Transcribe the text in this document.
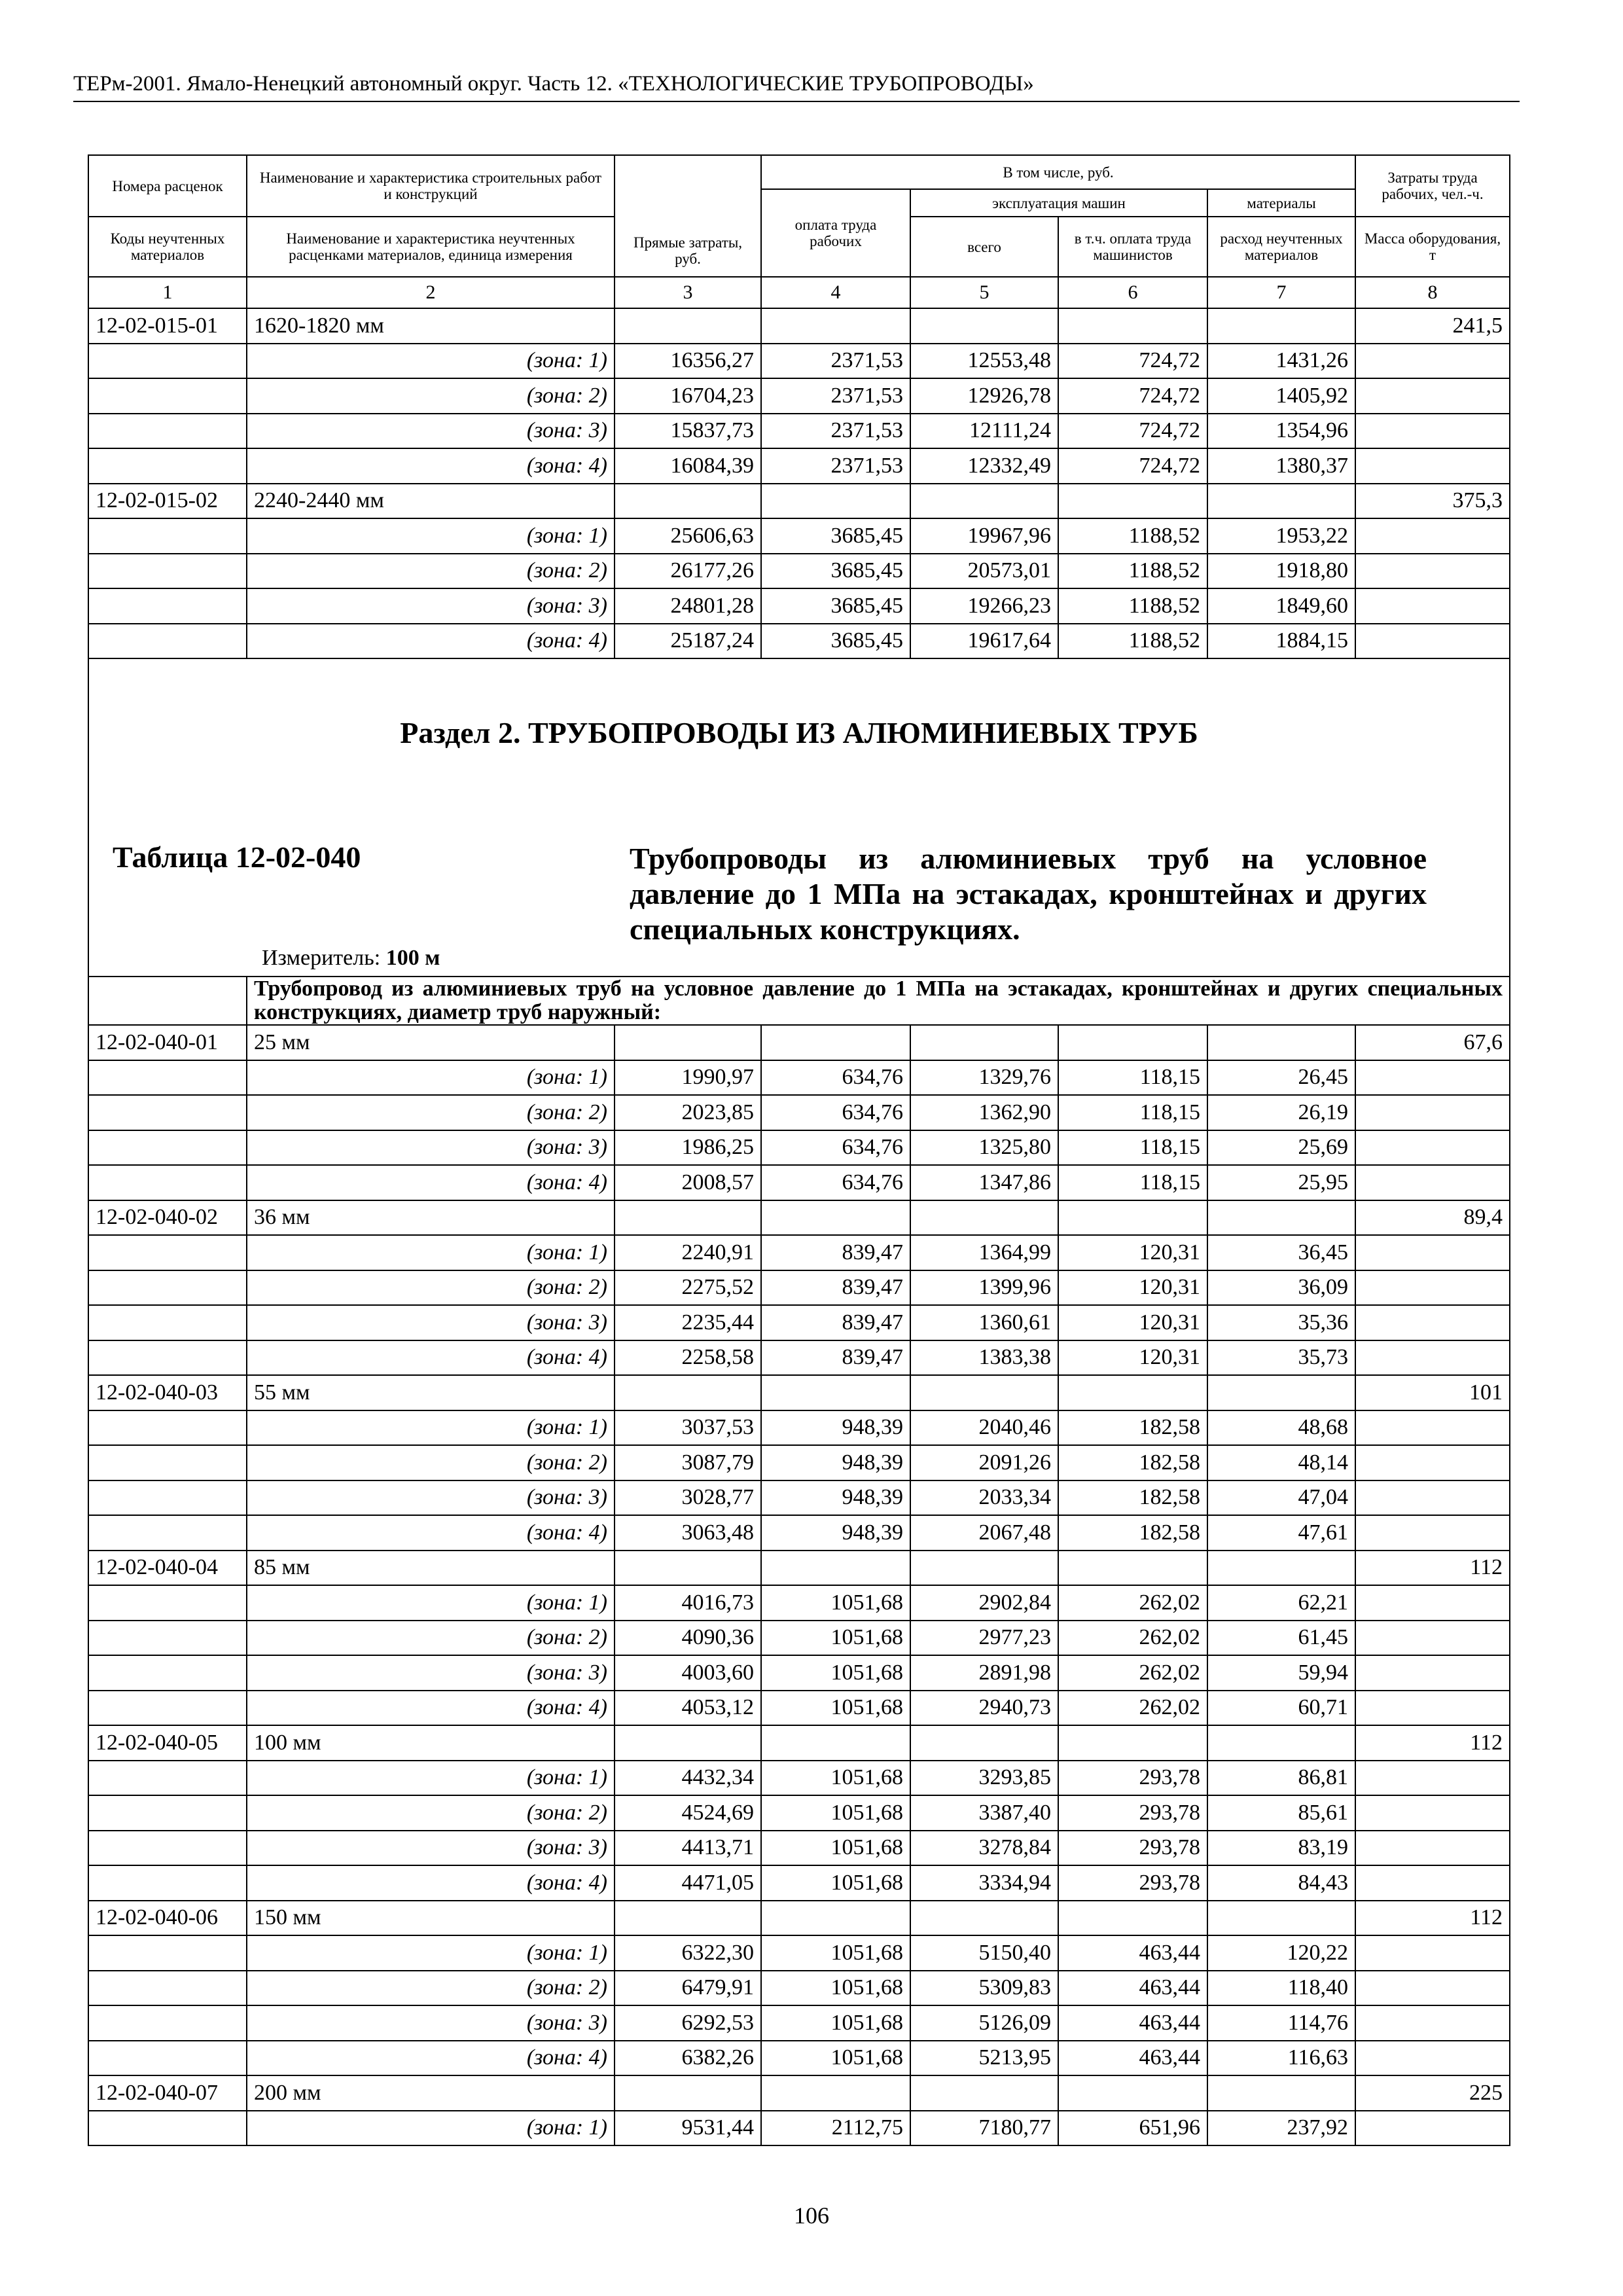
ТЕРм-2001. Ямало-Ненецкий автономный округ. Часть 12. «ТЕХНОЛОГИЧЕСКИЕ ТРУБОПРОВОДЫ»
Номера расценок	Наименование и характеристика строительных работ и конструкций	Прямые затраты, руб.	В том числе, руб.				Затраты труда рабочих, чел.-ч.
			оплата труда рабочих	эксплуатация машин		материалы	
Коды неучтенных материалов	Наименование и характеристика неучтенных расценками материалов, единица измерения			всего	в т.ч. оплата труда машинистов	расход неучтенных материалов	
							Масса оборудования, т
1	2	3	4	5	6	7	8
12-02-015-01	1620-1820 мм						241,5
	(зона: 1)	16356,27	2371,53	12553,48	724,72	1431,26	
	(зона: 2)	16704,23	2371,53	12926,78	724,72	1405,92	
	(зона: 3)	15837,73	2371,53	12111,24	724,72	1354,96	
	(зона: 4)	16084,39	2371,53	12332,49	724,72	1380,37	
12-02-015-02	2240-2440 мм						375,3
	(зона: 1)	25606,63	3685,45	19967,96	1188,52	1953,22	
	(зона: 2)	26177,26	3685,45	20573,01	1188,52	1918,80	
	(зона: 3)	24801,28	3685,45	19266,23	1188,52	1849,60	
	(зона: 4)	25187,24	3685,45	19617,64	1188,52	1884,15	

Раздел 2. ТРУБОПРОВОДЫ ИЗ АЛЮМИНИЕВЫХ ТРУБ
Таблица 12-02-040 Трубопроводы из алюминиевых труб на условное давление до 1 МПа на эстакадах, кронштейнах и других специальных конструкциях.
Измеритель: 100 м							

	Трубопровод из алюминиевых труб на условное давление до 1 МПа на эстакадах, кронштейнах и других специальных конструкциях, диаметр труб наружный:						
12-02-040-01	25 мм						67,6
	(зона: 1)	1990,97	634,76	1329,76	118,15	26,45	
	(зона: 2)	2023,85	634,76	1362,90	118,15	26,19	
	(зона: 3)	1986,25	634,76	1325,80	118,15	25,69	
	(зона: 4)	2008,57	634,76	1347,86	118,15	25,95	
12-02-040-02	36 мм						89,4
	(зона: 1)	2240,91	839,47	1364,99	120,31	36,45	
	(зона: 2)	2275,52	839,47	1399,96	120,31	36,09	
	(зона: 3)	2235,44	839,47	1360,61	120,31	35,36	
	(зона: 4)	2258,58	839,47	1383,38	120,31	35,73	
12-02-040-03	55 мм						101
	(зона: 1)	3037,53	948,39	2040,46	182,58	48,68	
	(зона: 2)	3087,79	948,39	2091,26	182,58	48,14	
	(зона: 3)	3028,77	948,39	2033,34	182,58	47,04	
	(зона: 4)	3063,48	948,39	2067,48	182,58	47,61	
12-02-040-04	85 мм						112
	(зона: 1)	4016,73	1051,68	2902,84	262,02	62,21	
	(зона: 2)	4090,36	1051,68	2977,23	262,02	61,45	
	(зона: 3)	4003,60	1051,68	2891,98	262,02	59,94	
	(зона: 4)	4053,12	1051,68	2940,73	262,02	60,71	
12-02-040-05	100 мм						112
	(зона: 1)	4432,34	1051,68	3293,85	293,78	86,81	
	(зона: 2)	4524,69	1051,68	3387,40	293,78	85,61	
	(зона: 3)	4413,71	1051,68	3278,84	293,78	83,19	
	(зона: 4)	4471,05	1051,68	3334,94	293,78	84,43	
12-02-040-06	150 мм						112
	(зона: 1)	6322,30	1051,68	5150,40	463,44	120,22	
	(зона: 2)	6479,91	1051,68	5309,83	463,44	118,40	
	(зона: 3)	6292,53	1051,68	5126,09	463,44	114,76	
	(зона: 4)	6382,26	1051,68	5213,95	463,44	116,63	
12-02-040-07	200 мм						225
	(зона: 1)	9531,44	2112,75	7180,77	651,96	237,92	
106
